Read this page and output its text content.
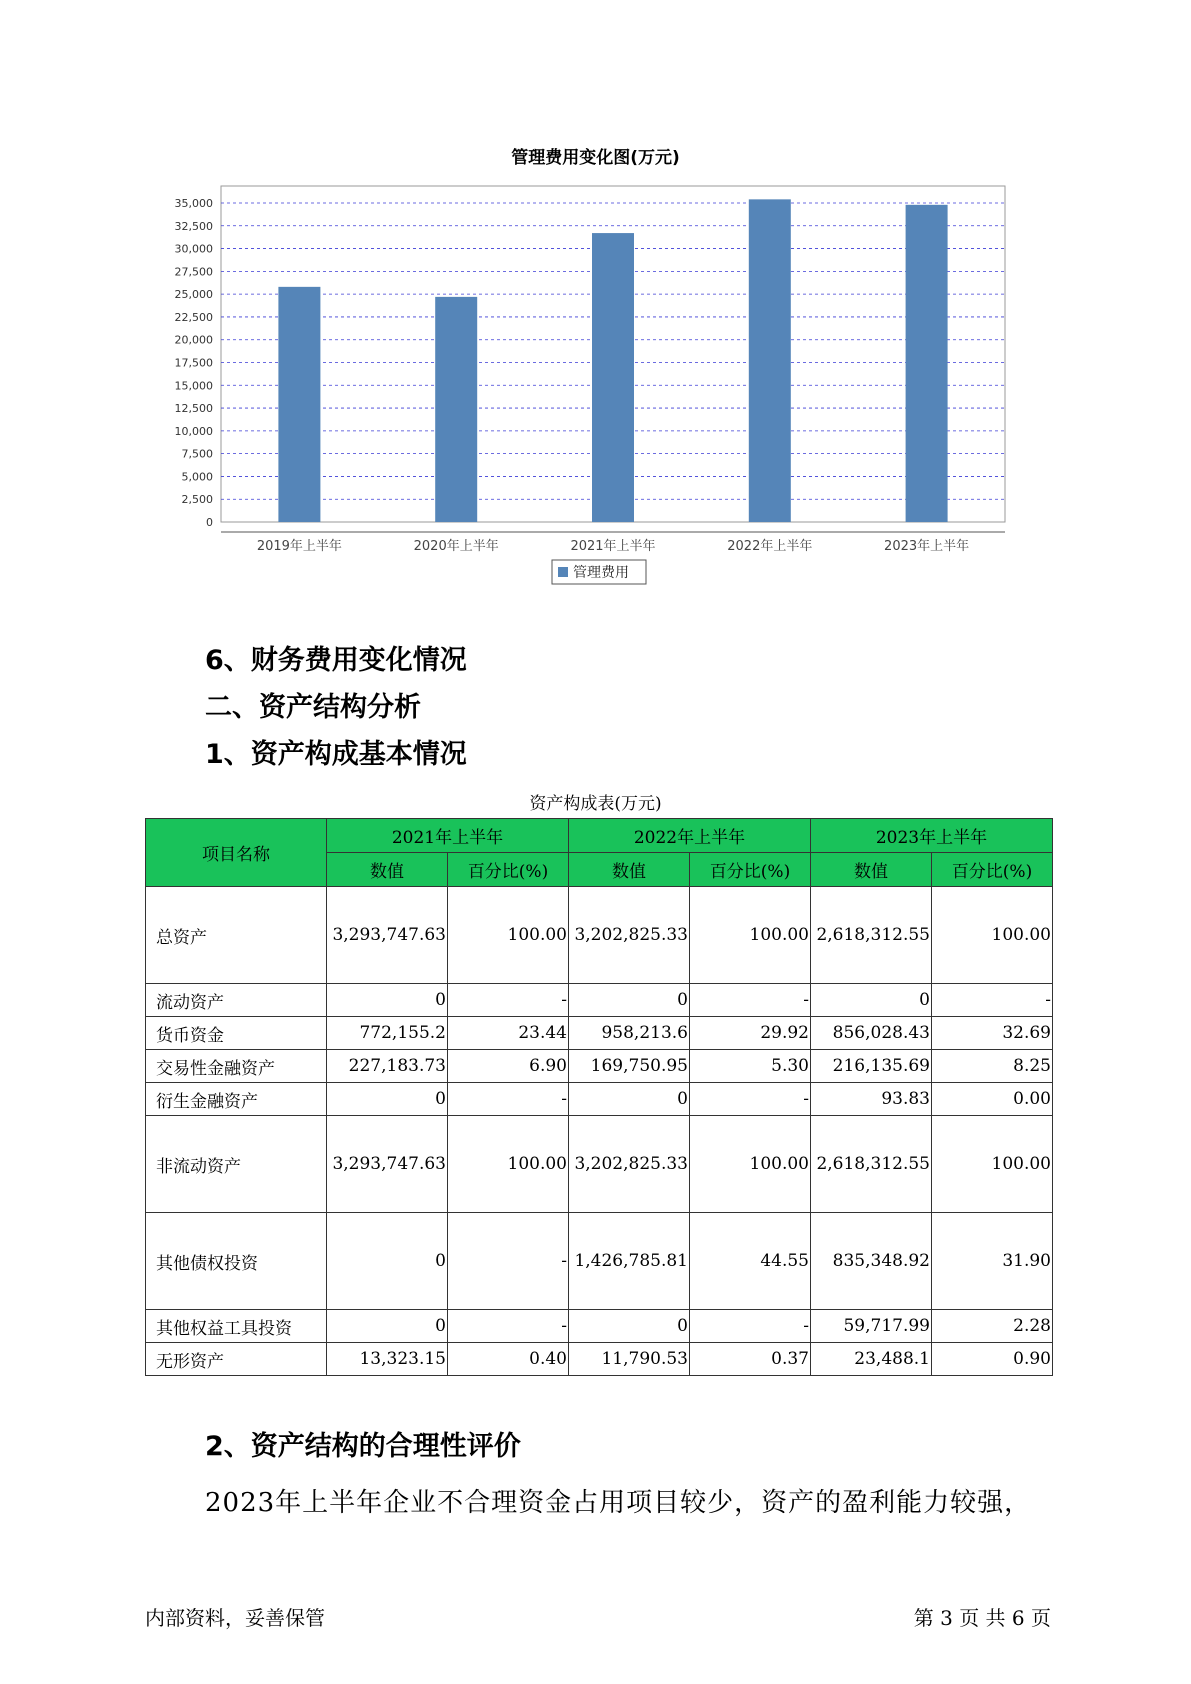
管理费用变化图(万元)
0
2,500
5,000
7,500
10,000
12,500
15,000
17,500
20,000
22,500
25,000
27,500
30,000
32,500
35,000
2019年上半年	2020年上半年	2021年上半年	2022年上半年	2023年上半年
管理费用
6、财务费用变化情况
二、资产结构分析
1、资产构成基本情况
资产构成表(万元)
项目名称	2021年上半年		2022年上半年		2023年上半年	
	数值	百分比(%)	数值	百分比(%)	数值	百分比(%)
总资产	3,293,747.63	100.00	3,202,825.33	100.00	2,618,312.55	100.00
流动资产	0	-	0	-	0	-
货币资金	772,155.2	23.44	958,213.6	29.92	856,028.43	32.69
交易性金融资产	227,183.73	6.90	169,750.95	5.30	216,135.69	8.25
衍生金融资产	0	-	0	-	93.83	0.00
非流动资产	3,293,747.63	100.00	3,202,825.33	100.00	2,618,312.55	100.00
其他债权投资	0	-	1,426,785.81	44.55	835,348.92	31.90
其他权益工具投资	0	-	0	-	59,717.99	2.28
无形资产	13,323.15	0.40	11,790.53	0.37	23,488.1	0.90
2、资产结构的合理性评价
2023年上半年企业不合理资金占用项目较少，资产的盈利能力较强，
内部资料，妥善保管	第 3 页 共 6 页
